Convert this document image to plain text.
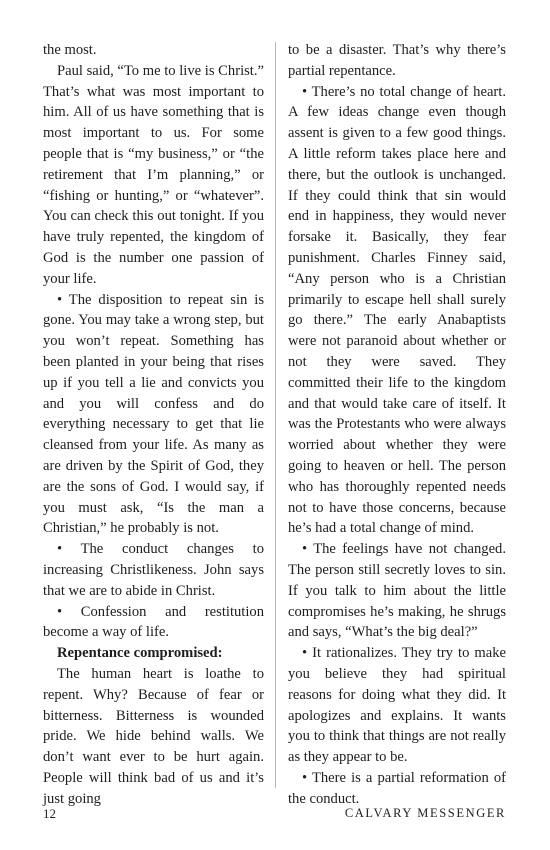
the most.

Paul said, “To me to live is Christ.” That’s what was most important to him. All of us have something that is most important to us. For some people that is “my business,” or “the retirement that I’m planning,” or “fishing or hunting,” or “whatever”. You can check this out tonight. If you have truly repented, the kingdom of God is the number one passion of your life.

• The disposition to repeat sin is gone. You may take a wrong step, but you won’t repeat. Something has been planted in your being that rises up if you tell a lie and convicts you and you will confess and do everything necessary to get that lie cleansed from your life. As many as are driven by the Spirit of God, they are the sons of God. I would say, if you must ask, “Is the man a Christian,” he probably is not.

• The conduct changes to increasing Christlikeness. John says that we are to abide in Christ.

• Confession and restitution become a way of life.

Repentance compromised:

The human heart is loathe to repent. Why? Because of fear or bitterness. Bitterness is wounded pride. We hide behind walls. We don’t want ever to be hurt again. People will think bad of us and it’s just going

to be a disaster. That’s why there’s partial repentance.

• There’s no total change of heart. A few ideas change even though assent is given to a few good things. A little reform takes place here and there, but the outlook is unchanged. If they could think that sin would end in happiness, they would never forsake it. Basically, they fear punishment. Charles Finney said, “Any person who is a Christian primarily to escape hell shall surely go there.” The early Anabaptists were not paranoid about whether or not they were saved. They committed their life to the kingdom and that would take care of itself. It was the Protestants who were always worried about whether they were going to heaven or hell. The person who has thoroughly repented needs not to have those concerns, because he’s had a total change of mind.

• The feelings have not changed. The person still secretly loves to sin. If you talk to him about the little compromises he’s making, he shrugs and says, “What’s the big deal?”

• It rationalizes. They try to make you believe they had spiritual reasons for doing what they did. It apologizes and explains. It wants you to think that things are not really as they appear to be.

• There is a partial reformation of the conduct.

12	CALVARY MESSENGER
